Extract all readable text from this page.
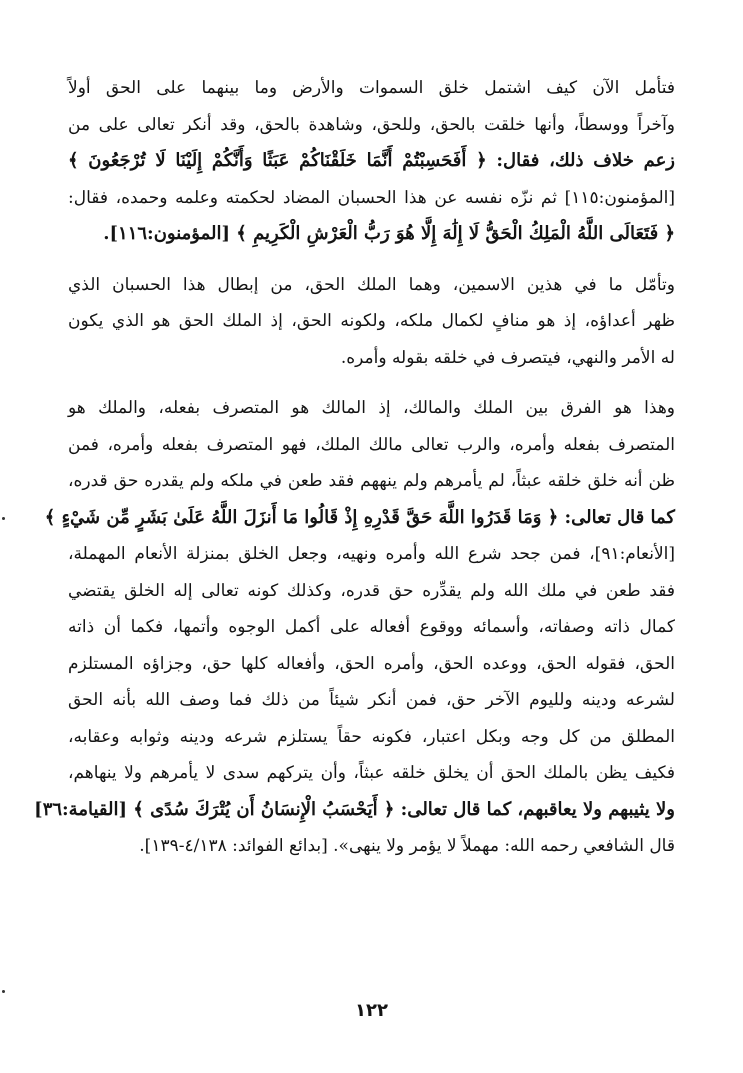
فتأمل الآن كيف اشتمل خلق السموات والأرض وما بينهما على الحق أولاً
وآخراً ووسطاً، وأنها خلقت بالحق، وللحق، وشاهدة بالحق، وقد أنكر تعالى على من
زعم خلاف ذلك، فقال: ﴿ أَفَحَسِبْتُمْ أَنَّمَا خَلَقْنَاكُمْ عَبَثًا وَأَنَّكُمْ إِلَيْنَا لَا تُرْجَعُونَ ﴾
[المؤمنون:١١٥] ثم نزّه نفسه عن هذا الحسبان المضاد لحكمته وعلمه وحمده، فقال:
﴿ فَتَعَالَى اللَّهُ الْمَلِكُ الْحَقُّ لَا إِلَٰهَ إِلَّا هُوَ رَبُّ الْعَرْشِ الْكَرِيمِ ﴾ [المؤمنون:١١٦].
وتأمّل ما في هذين الاسمين، وهما الملك الحق، من إبطال هذا الحسبان الذي
ظهر أعداؤه، إذ هو منافٍ لكمال ملكه، ولكونه الحق، إذ الملك الحق هو الذي يكون
له الأمر والنهي، فيتصرف في خلقه بقوله وأمره.
وهذا هو الفرق بين الملك والمالك، إذ المالك هو المتصرف بفعله، والملك هو
المتصرف بفعله وأمره، والرب تعالى مالك الملك، فهو المتصرف بفعله وأمره، فمن
ظن أنه خلق خلقه عبثاً، لم يأمرهم ولم ينههم فقد طعن في ملكه ولم يقدره حق قدره،
كما قال تعالى: ﴿ وَمَا قَدَرُوا اللَّهَ حَقَّ قَدْرِهِ إِذْ قَالُوا مَا أَنزَلَ اللَّهُ عَلَىٰ بَشَرٍ مِّن شَيْءٍ ﴾
[الأنعام:٩١]، فمن جحد شرع الله وأمره ونهيه، وجعل الخلق بمنزلة الأنعام المهملة،
فقد طعن في ملك الله ولم يقدِّره حق قدره، وكذلك كونه تعالى إله الخلق يقتضي
كمال ذاته وصفاته، وأسمائه ووقوع أفعاله على أكمل الوجوه وأتمها، فكما أن ذاته
الحق، فقوله الحق، ووعده الحق، وأمره الحق، وأفعاله كلها حق، وجزاؤه المستلزم
لشرعه ودينه ولليوم الآخر حق، فمن أنكر شيئاً من ذلك فما وصف الله بأنه الحق
المطلق من كل وجه وبكل اعتبار، فكونه حقاً يستلزم شرعه ودينه وثوابه وعقابه،
فكيف يظن بالملك الحق أن يخلق خلقه عبثاً، وأن يتركهم سدى لا يأمرهم ولا ينهاهم،
ولا يثيبهم ولا يعاقبهم، كما قال تعالى: ﴿ أَيَحْسَبُ الْإِنسَانُ أَن يُتْرَكَ سُدًى ﴾ [القيامة:٣٦]
قال الشافعي رحمه الله: مهملاً لا يؤمر ولا ينهى». [بدائع الفوائد: ٤/١٣٨-١٣٩].
١٢٢
